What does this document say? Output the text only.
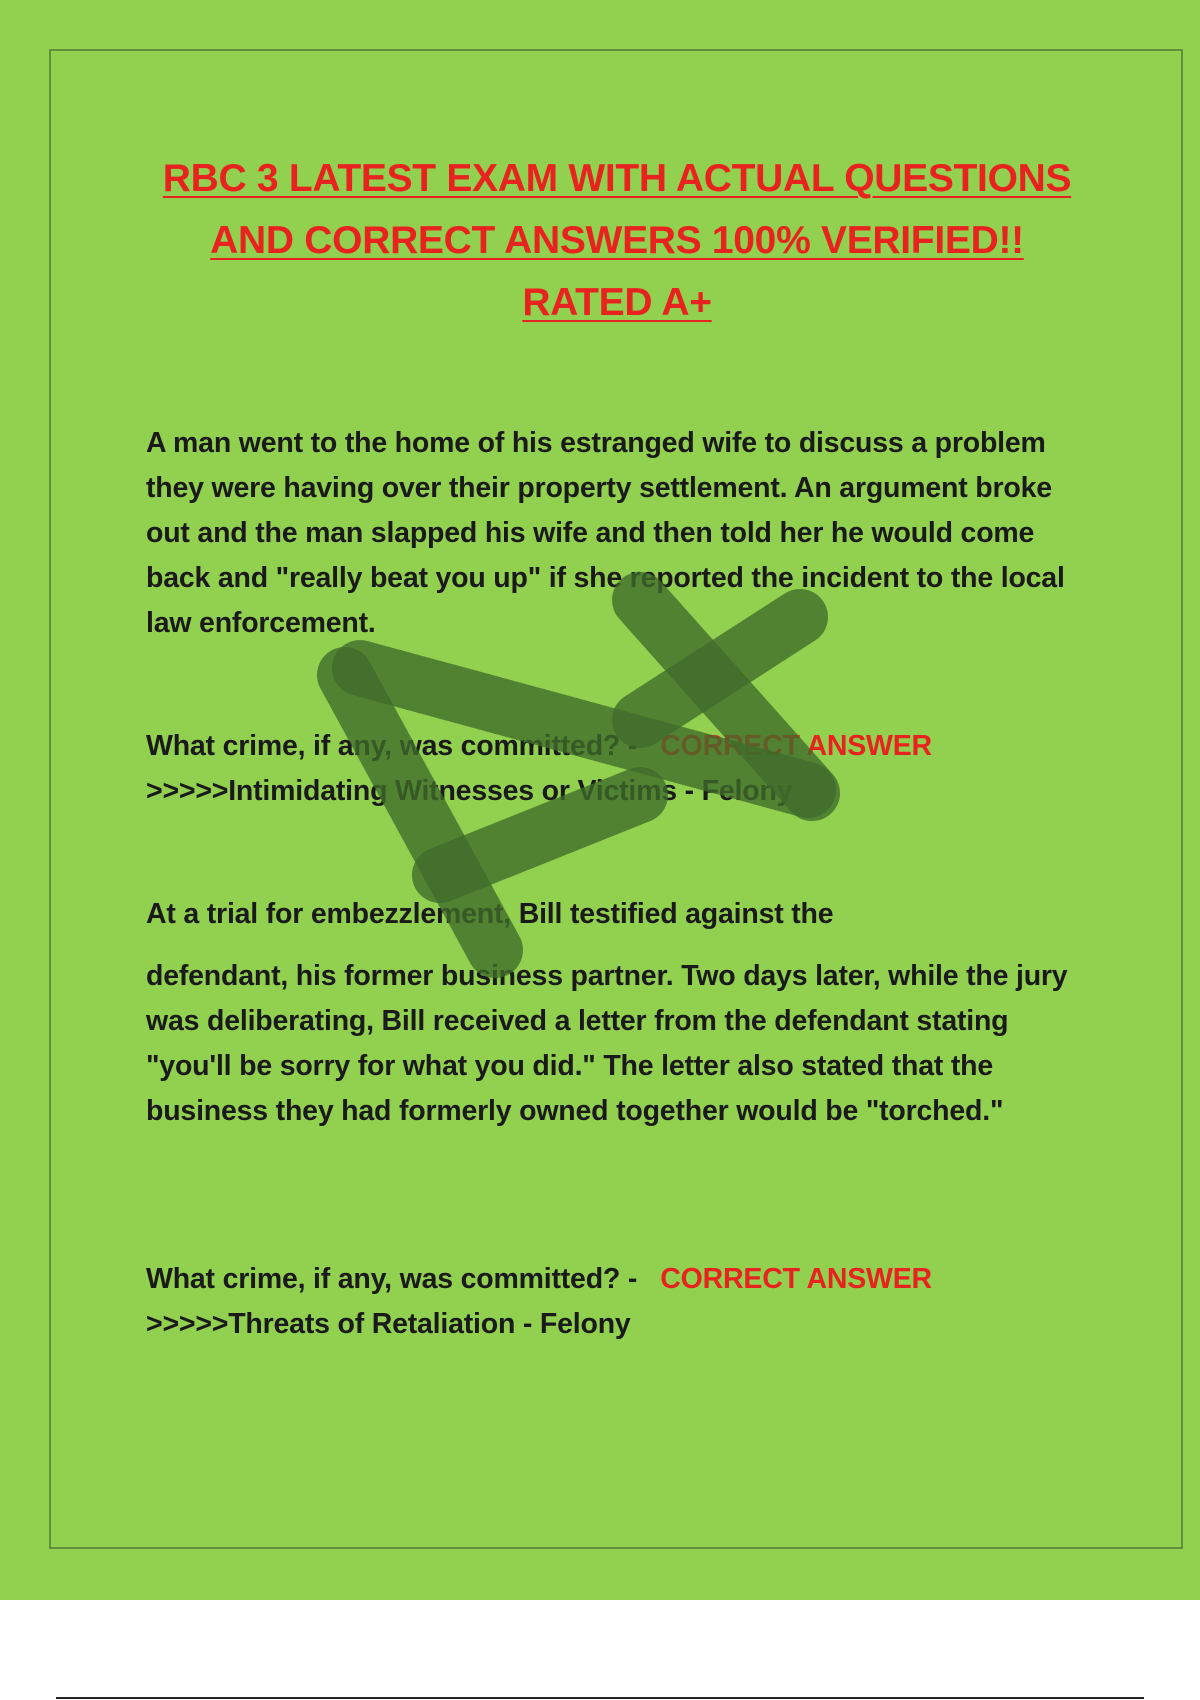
RBC 3 LATEST EXAM WITH ACTUAL QUESTIONS
AND CORRECT ANSWERS 100% VERIFIED!!
RATED A+
A man went to the home of his estranged wife to discuss a problem they were having over their property settlement. An argument broke out and the man slapped his wife and then told her he would come back and "really beat you up" if she reported the incident to the local law enforcement.
What crime, if any, was committed? -   CORRECT ANSWER
>>>>>Intimidating Witnesses or Victims - Felony
At a trial for embezzlement, Bill testified against the
defendant, his former business partner. Two days later, while the jury was deliberating, Bill received a letter from the defendant stating "you'll be sorry for what you did." The letter also stated that the business they had formerly owned together would be "torched."
What crime, if any, was committed? -   CORRECT ANSWER
>>>>>Threats of Retaliation - Felony
